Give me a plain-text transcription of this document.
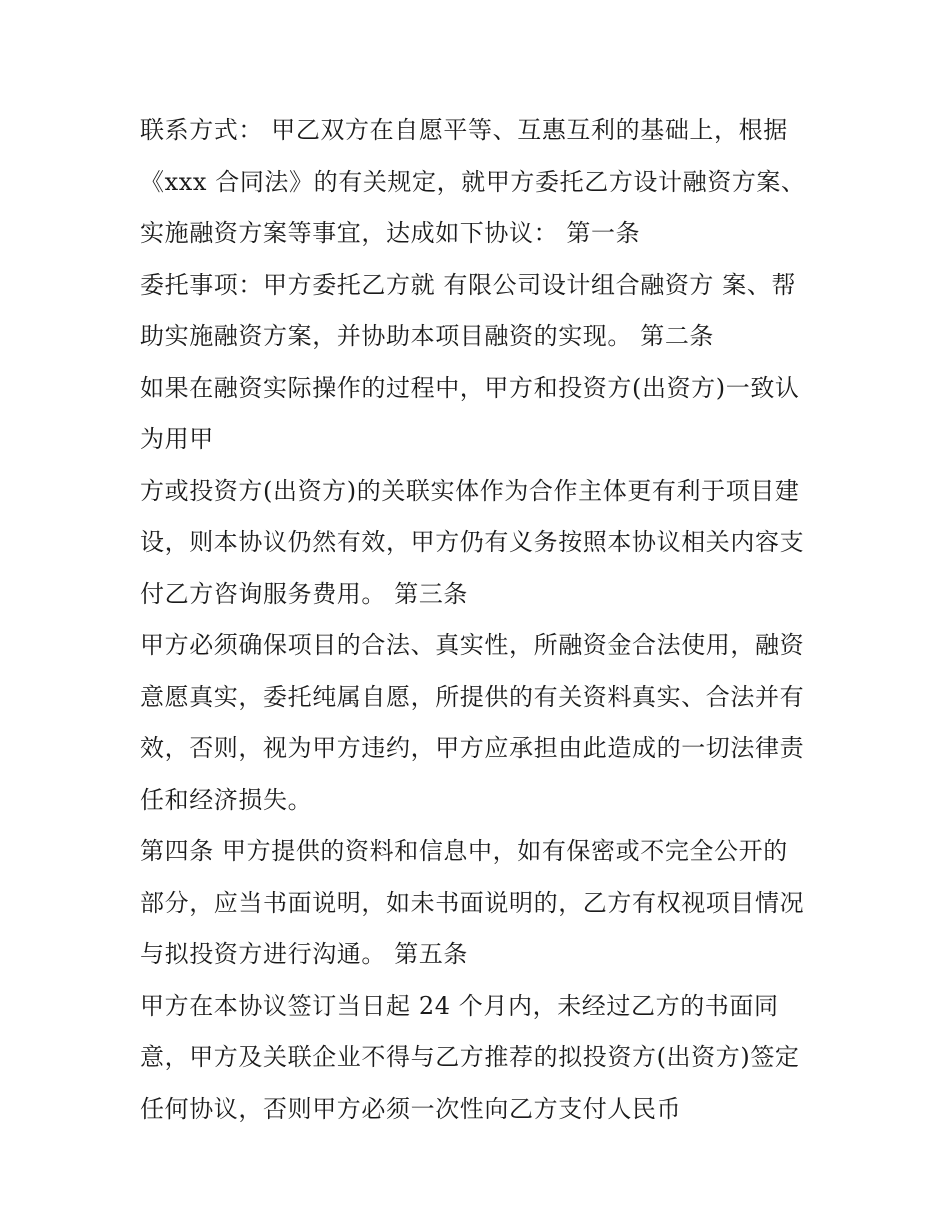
联系方式： 甲乙双方在自愿平等、互惠互利的基础上，根据
《xxx 合同法》的有关规定，就甲方委托乙方设计融资方案、
实施融资方案等事宜，达成如下协议： 第一条
委托事项：甲方委托乙方就 有限公司设计组合融资方 案、帮
助实施融资方案，并协助本项目融资的实现。 第二条
如果在融资实际操作的过程中，甲方和投资方(出资方)一致认
为用甲
方或投资方(出资方)的关联实体作为合作主体更有利于项目建
设，则本协议仍然有效，甲方仍有义务按照本协议相关内容支
付乙方咨询服务费用。 第三条
甲方必须确保项目的合法、真实性，所融资金合法使用，融资
意愿真实，委托纯属自愿，所提供的有关资料真实、合法并有
效，否则，视为甲方违约，甲方应承担由此造成的一切法律责
任和经济损失。
第四条 甲方提供的资料和信息中，如有保密或不完全公开的
部分，应当书面说明，如未书面说明的，乙方有权视项目情况
与拟投资方进行沟通。 第五条
甲方在本协议签订当日起 24 个月内，未经过乙方的书面同
意，甲方及关联企业不得与乙方推荐的拟投资方(出资方)签定
任何协议，否则甲方必须一次性向乙方支付人民币
